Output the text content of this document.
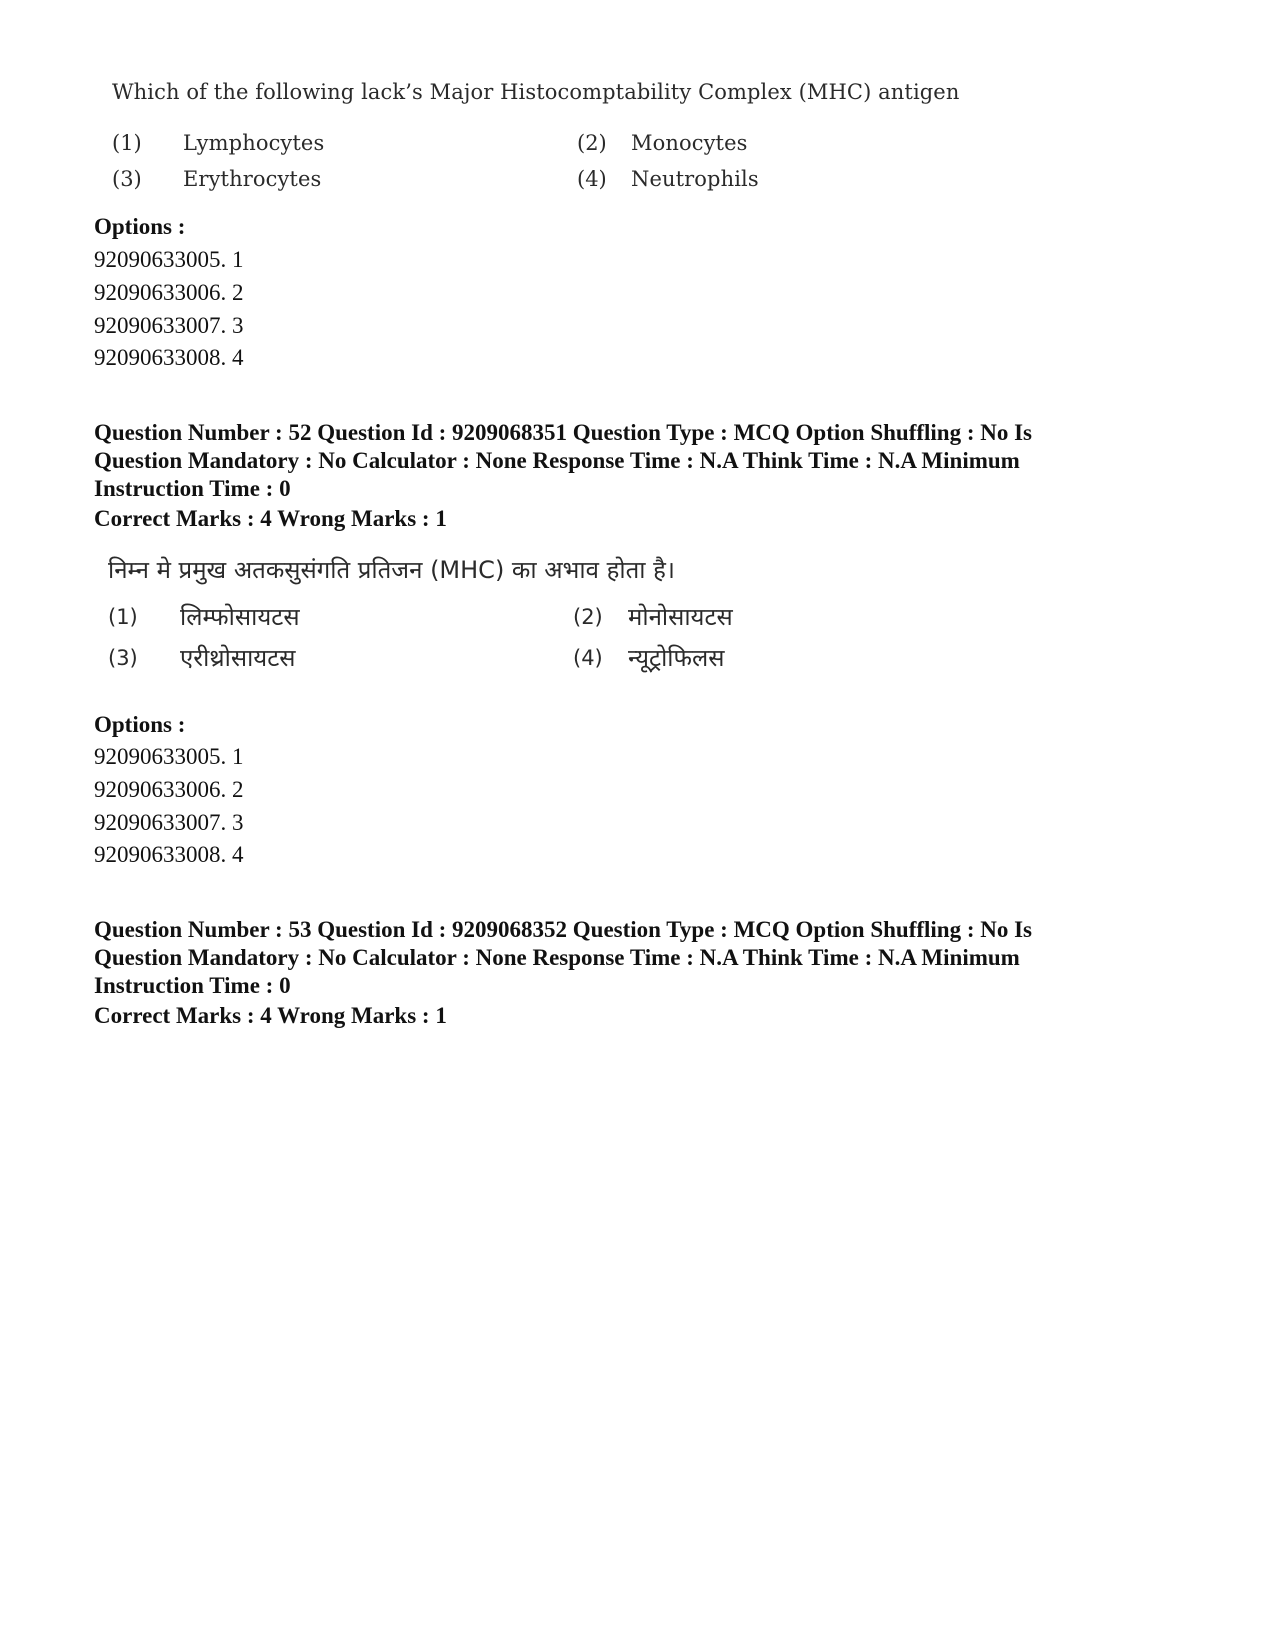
Which of the following lack’s Major Histocomptability Complex (MHC) antigen
(1) Lymphocytes	(2) Monocytes
(3) Erythrocytes	(4) Neutrophils
Options :
92090633005. 1
92090633006. 2
92090633007. 3
92090633008. 4
Question Number : 52 Question Id : 9209068351 Question Type : MCQ Option Shuffling : No Is
Question Mandatory : No Calculator : None Response Time : N.A Think Time : N.A Minimum
Instruction Time : 0
Correct Marks : 4 Wrong Marks : 1
निम्न मे प्रमुख अतकसुसंगति प्रतिजन (MHC) का अभाव होता है।
(1) लिम्फोसायटस	(2) मोनोसायटस
(3) एरीथ्रोसायटस	(4) न्यूट्रोफिलस
Options :
92090633005. 1
92090633006. 2
92090633007. 3
92090633008. 4
Question Number : 53 Question Id : 9209068352 Question Type : MCQ Option Shuffling : No Is
Question Mandatory : No Calculator : None Response Time : N.A Think Time : N.A Minimum
Instruction Time : 0
Correct Marks : 4 Wrong Marks : 1
